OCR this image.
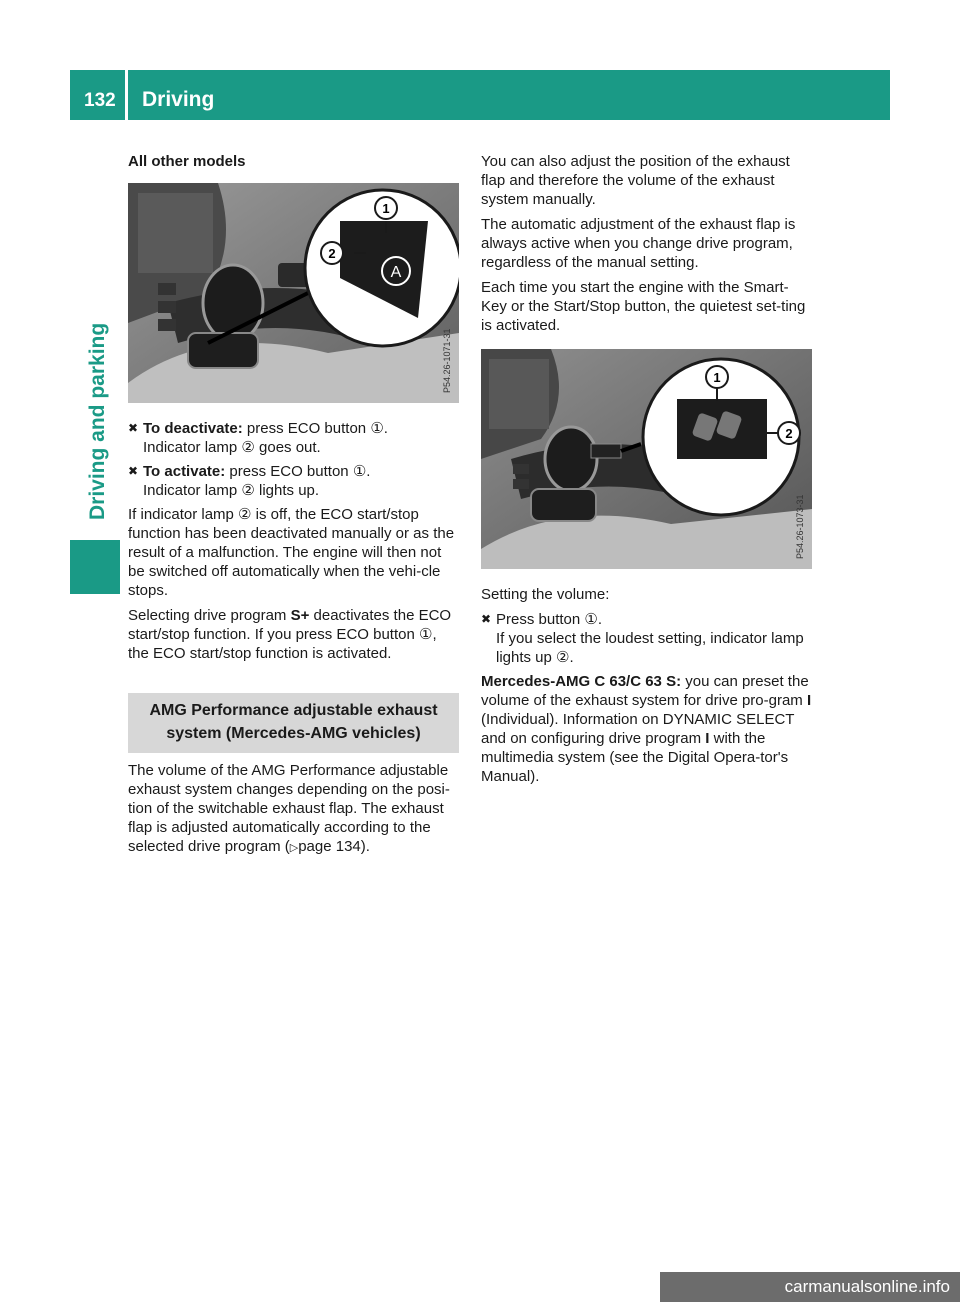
132 Driving
Driving and parking

All other models

A
1
2
P54.26-1071-31
✖ To deactivate: press ECO button ①.
Indicator lamp ② goes out.
✖ To activate: press ECO button ①.
Indicator lamp ② lights up.

If indicator lamp ② is off, the ECO start/stop function has been deactivated manually or as the result of a malfunction. The engine will then not be switched off automatically when the vehi-cle stops.

Selecting drive program S+ deactivates the ECO start/stop function. If you press ECO button ①, the ECO start/stop function is activated.

AMG Performance adjustable exhaust
system (Mercedes-AMG vehicles)

The volume of the AMG Performance adjustable exhaust system changes depending on the posi-tion of the switchable exhaust flap. The exhaust flap is adjusted automatically according to the selected drive program (▷page 134).

You can also adjust the position of the exhaust flap and therefore the volume of the exhaust system manually.

The automatic adjustment of the exhaust flap is always active when you change drive program, regardless of the manual setting.

Each time you start the engine with the Smart-Key or the Start/Stop button, the quietest set-ting is activated.

1
2
P54.26-1073-31

Setting the volume:

✖ Press button ①.
If you select the loudest setting, indicator lamp lights up ②.

Mercedes-AMG C 63/C 63 S: you can preset the volume of the exhaust system for drive pro-gram I (Individual). Information on DYNAMIC SELECT and on configuring drive program I with the multimedia system (see the Digital Opera-tor's Manual).

carmanualsonline.info
